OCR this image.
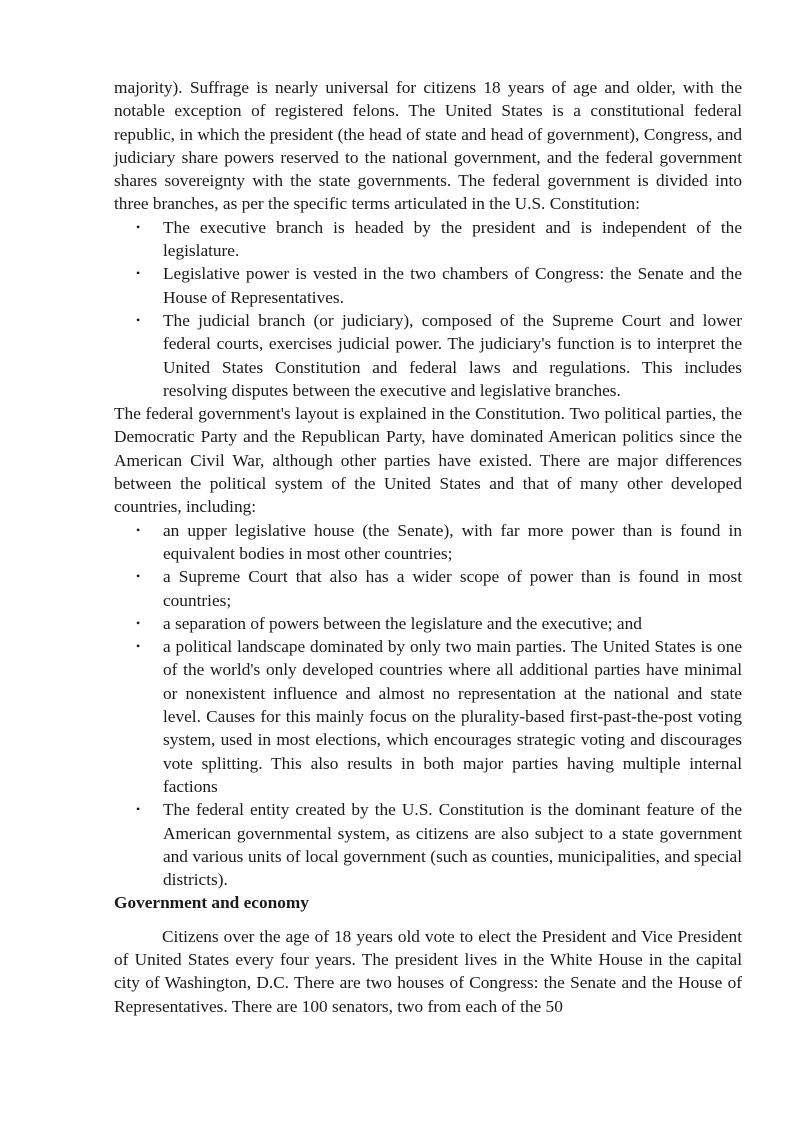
majority). Suffrage is nearly universal for citizens 18 years of age and older, with the notable exception of registered felons. The United States is a constitutional federal republic, in which the president (the head of state and head of government), Congress, and judiciary share powers reserved to the national government, and the federal government shares sovereignty with the state governments. The federal government is divided into three branches, as per the specific terms articulated in the U.S. Constitution:

• The executive branch is headed by the president and is independent of the legislature.
• Legislative power is vested in the two chambers of Congress: the Senate and the House of Representatives.
• The judicial branch (or judiciary), composed of the Supreme Court and lower federal courts, exercises judicial power. The judiciary's function is to interpret the United States Constitution and federal laws and regulations. This includes resolving disputes between the executive and legislative branches.

The federal government's layout is explained in the Constitution. Two political parties, the Democratic Party and the Republican Party, have dominated American politics since the American Civil War, although other parties have existed. There are major differences between the political system of the United States and that of many other developed countries, including:

• an upper legislative house (the Senate), with far more power than is found in equivalent bodies in most other countries;
• a Supreme Court that also has a wider scope of power than is found in most countries;
• a separation of powers between the legislature and the executive; and
• a political landscape dominated by only two main parties. The United States is one of the world's only developed countries where all additional parties have minimal or nonexistent influence and almost no representation at the national and state level. Causes for this mainly focus on the plurality-based first-past-the-post voting system, used in most elections, which encourages strategic voting and discourages vote splitting. This also results in both major parties having multiple internal factions
• The federal entity created by the U.S. Constitution is the dominant feature of the American governmental system, as citizens are also subject to a state government and various units of local government (such as counties, municipalities, and special districts).

Government and economy

Citizens over the age of 18 years old vote to elect the President and Vice President of United States every four years. The president lives in the White House in the capital city of Washington, D.C. There are two houses of Congress: the Senate and the House of Representatives. There are 100 senators, two from each of the 50
